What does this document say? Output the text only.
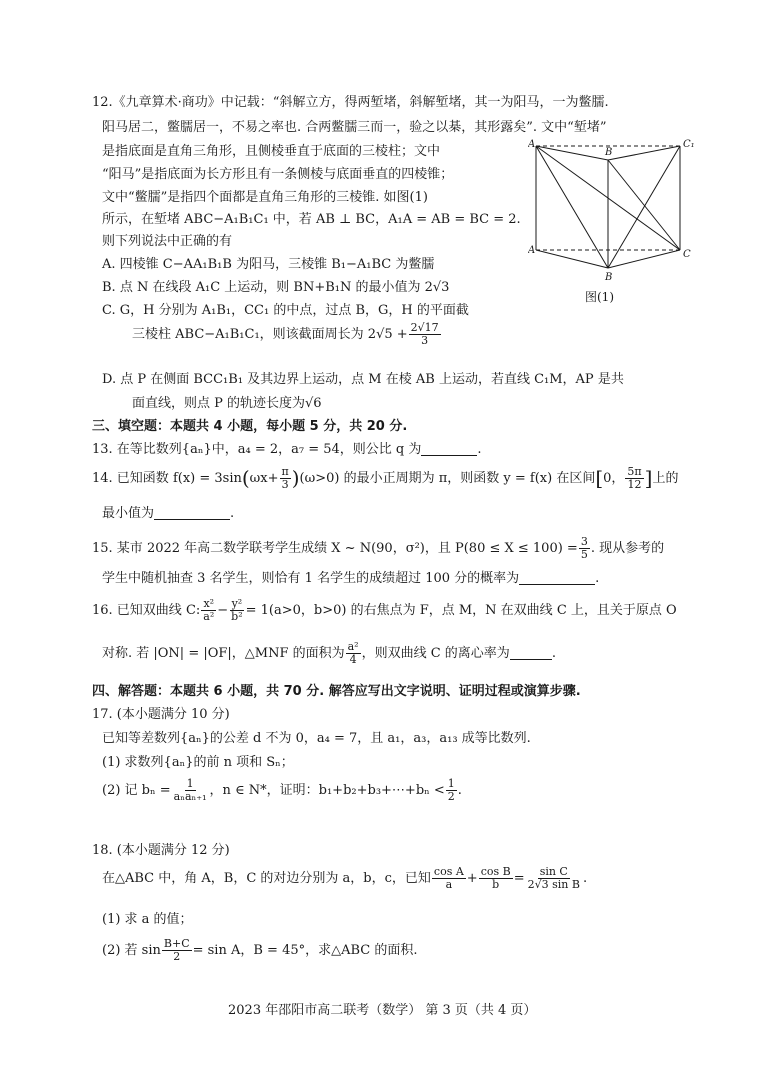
12.《九章算术·商功》中记载：“斜解立方，得两堑堵，斜解堑堵，其一为阳马，一为鳖臑.
阳马居二，鳖臑居一，不易之率也. 合两鳖臑三而一，验之以棊，其形露矣”. 文中“堑堵”
是指底面是直角三角形，且侧棱垂直于底面的三棱柱；文中
“阳马”是指底面为长方形且有一条侧棱与底面垂直的四棱锥；
文中“鳖臑”是指四个面都是直角三角形的三棱锥. 如图(1)
所示，在堑堵 ABC−A₁B₁C₁ 中，若 AB ⊥ BC，A₁A = AB = BC = 2.
则下列说法中正确的有
A. 四棱锥 C−AA₁B₁B 为阳马，三棱锥 B₁−A₁BC 为鳖臑
B. 点 N 在线段 A₁C 上运动，则 BN+B₁N 的最小值为 2√3
C. G，H 分别为 A₁B₁，CC₁ 的中点，过点 B，G，H 的平面截
三棱柱 ABC−A₁B₁C₁，则该截面周长为 $2√5 + \frac{2√17}{3}$
D. 点 P 在侧面 BCC₁B₁ 及其边界上运动，点 M 在棱 AB 上运动，若直线 C₁M，AP 是共
面直线，则点 P 的轨迹长度为√6
A
B
C₁
A	C
B
图(1)
三、填空题：本题共 4 小题，每小题 5 分，共 20 分.
13. 在等比数列{aₙ}中，a₄ = 2，a₇ = 54，则公比 q 为	.
14. 已知函数 f(x) = 3sin ( $\omega x+ \frac{\pi}{3}$ ) (ω>0) 的最小正周期为 π，则函数 y = f(x) 在区间 [ 0， $\frac{5\pi}{12}$ ] 上的
最小值为	.
15. 某市 2022 年高二数学联考学生成绩 X ~ N(90，σ²)，且 $P(80 \le X \le 100) = \frac{3}{5}$ . 现从参考的
学生中随机抽查 3 名学生，则恰有 1 名学生的成绩超过 100 分的概率为	.
16. 已知双曲线 C: $\frac{\text{x²}}{\text{a²}} - \frac{\text{y²}}{\text{b²}} = 1(a>0$，b>0) 的右焦点为 F，点 M，N 在双曲线 C 上，且关于原点 O
对称. 若 |ON| = |OF|，△MNF 的面积为 $\frac{\text{a²}}{4}$ ，则双曲线 C 的离心率为	.
四、解答题：本题共 6 小题，共 70 分. 解答应写出文字说明、证明过程或演算步骤.
17. (本小题满分 10 分)
已知等差数列{aₙ}的公差 d 不为 0，a₄ = 7，且 a₁，a₃，a₁₃ 成等比数列.
(1) 求数列{aₙ}的前 n 项和 Sₙ；
(2) 记 $b_n = \frac{1}{\text{aₙaₙ₊₁}}$ ，n ∈ N*，证明：b₁+b₂+b₃+⋯+bₙ < $\frac{1}{2}$ .
18. (本小题满分 12 分)
在△ABC 中，角 A，B，C 的对边分别为 a，b，c，已知 $\frac{\text{cos A}}{a} + \frac{\text{cos B}}{b} = \frac{\text{sin C}}{\text{2√3 sin B}}$ .
(1) 求 a 的值；
(2) 若 $\sin \frac{B+C}{2} = \sin A$，B = 45°，求△ABC 的面积.
2023 年邵阳市高二联考（数学） 第 3 页（共 4 页）
